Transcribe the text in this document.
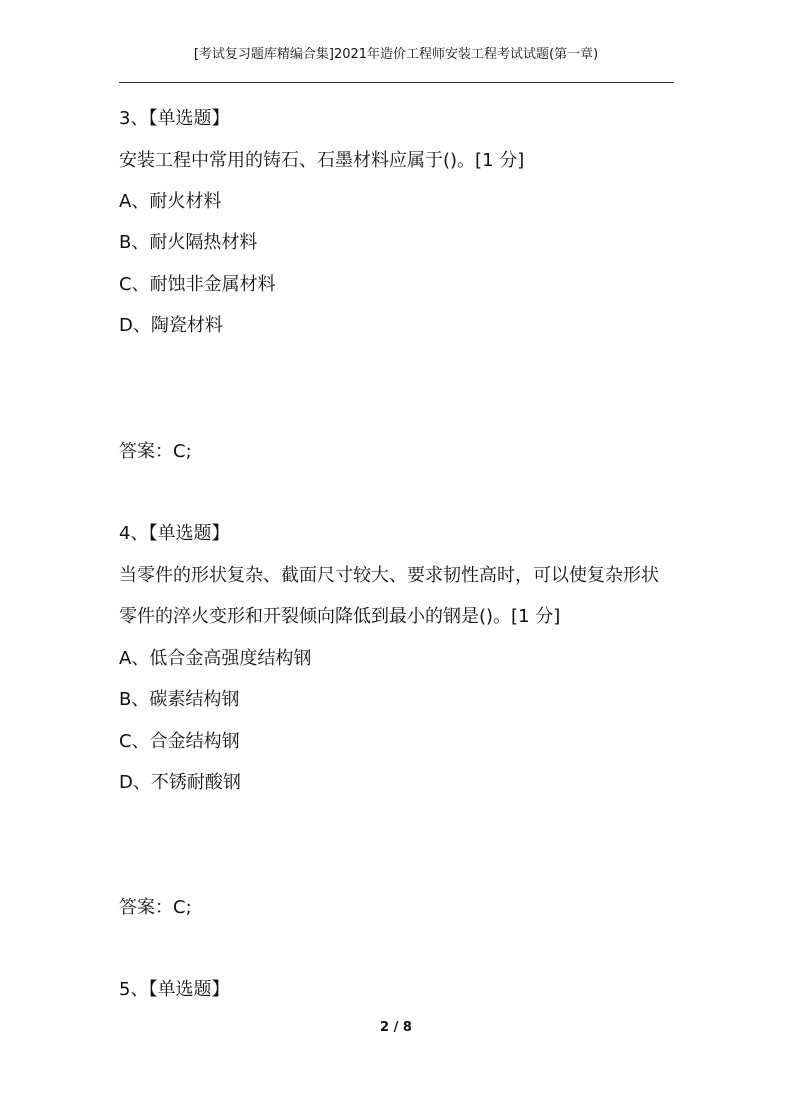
[考试复习题库精编合集]2021年造价工程师安装工程考试试题(第一章)
3、【单选题】
安装工程中常用的铸石、石墨材料应属于()。[1 分]
A、耐火材料
B、耐火隔热材料
C、耐蚀非金属材料
D、陶瓷材料
答案：C;
4、【单选题】
当零件的形状复杂、截面尺寸较大、要求韧性高时，可以使复杂形状
零件的淬火变形和开裂倾向降低到最小的钢是()。[1 分]
A、低合金高强度结构钢
B、碳素结构钢
C、合金结构钢
D、不锈耐酸钢
答案：C;
5、【单选题】
2 / 8
